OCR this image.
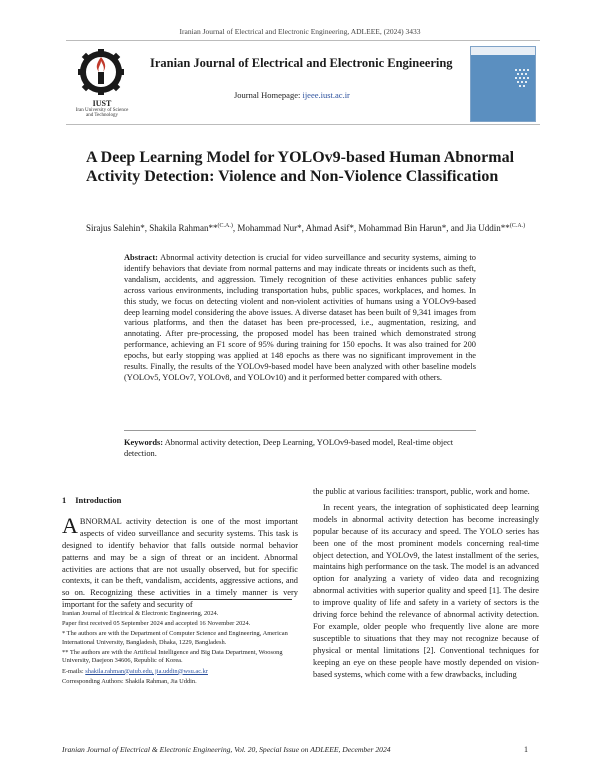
Iranian Journal of Electrical and Electronic Engineering, ADLEEE, (2024) 3433
IUST
Iran University of Science and Technology
Iranian Journal of Electrical and Electronic Engineering
Journal Homepage: ijeee.iust.ac.ir
A Deep Learning Model for YOLOv9-based Human Abnormal Activity Detection: Violence and Non-Violence Classification
Sirajus Salehin*, Shakila Rahman**$^{(C.A.)}$, Mohammad Nur*, Ahmad Asif*, Mohammad Bin Harun*, and Jia Uddin**$^{(C.A.)}$
Abstract: Abnormal activity detection is crucial for video surveillance and security systems, aiming to identify behaviors that deviate from normal patterns and may indicate threats or incidents such as theft, vandalism, accidents, and aggression. Timely recognition of these activities enhances public safety across various environments, including transportation hubs, public spaces, workplaces, and homes. In this study, we focus on detecting violent and non-violent activities of humans using a YOLOv9-based deep learning model considering the above issues. A diverse dataset has been built of 9,341 images from various platforms, and then the dataset has been pre-processed, i.e., augmentation, resizing, and annotating. After pre-processing, the proposed model has been trained which demonstrated strong performance, achieving an F1 score of 95% during training for 150 epochs. It was also trained for 200 epochs, but early stopping was applied at 148 epochs as there was no significant improvement in the results. Finally, the results of the YOLOv9-based model have been analyzed with other baseline models (YOLOv5, YOLOv7, YOLOv8, and YOLOv10) and it performed better compared with others.
Keywords: Abnormal activity detection, Deep Learning, YOLOv9-based model, Real-time object detection.
1 Introduction

ABNORMAL activity detection is one of the most important aspects of video surveillance and security systems. This task is designed to identify behavior that falls outside normal behavior patterns and may be a sign of threat or an incident. Abnormal activities are actions that are not usually observed, but for specific contexts, it can be theft, vandalism, accidents, aggressive actions, and so on. Recognizing these activities in a timely manner is very important for the safety and security of

the public at various facilities: transport, public, work and home.

In recent years, the integration of sophisticated deep learning models in abnormal activity detection has become increasingly popular because of its accuracy and speed. The YOLO series has been one of the most prominent models concerning real-time object detection, and YOLOv9, the latest installment of the series, maintains high performance on the task. The model is an advanced option for analyzing a variety of video data and recognizing abnormal activities with superior quality and speed [1]. The desire to improve quality of life and safety in a variety of sectors is the driving force behind the relevance of abnormal activity detection. For example, older people who frequently live alone are more susceptible to situations that they may not recognize because of physical or mental limitations [2]. Conventional techniques for keeping an eye on these people have mostly depended on vision-based systems, which come with a few drawbacks, including

Iranian Journal of Electrical & Electronic Engineering, 2024.

Paper first received 05 September 2024 and accepted 16 November 2024.

* The authors are with the Department of Computer Science and Engineering, American International University, Bangladesh, Dhaka, 1229, Bangladesh.

** The authors are with the Artificial Intelligence and Big Data Department, Woosong University, Daejeon 34606, Republic of Korea.

E-mails: shakila.rahman@aiub.edu, jia.uddin@wsu.ac.kr

Corresponding Authors: Shakila Rahman, Jia Uddin.

Iranian Journal of Electrical & Electronic Engineering, Vol. 20, Special Issue on ADLEEE, December 2024	1
